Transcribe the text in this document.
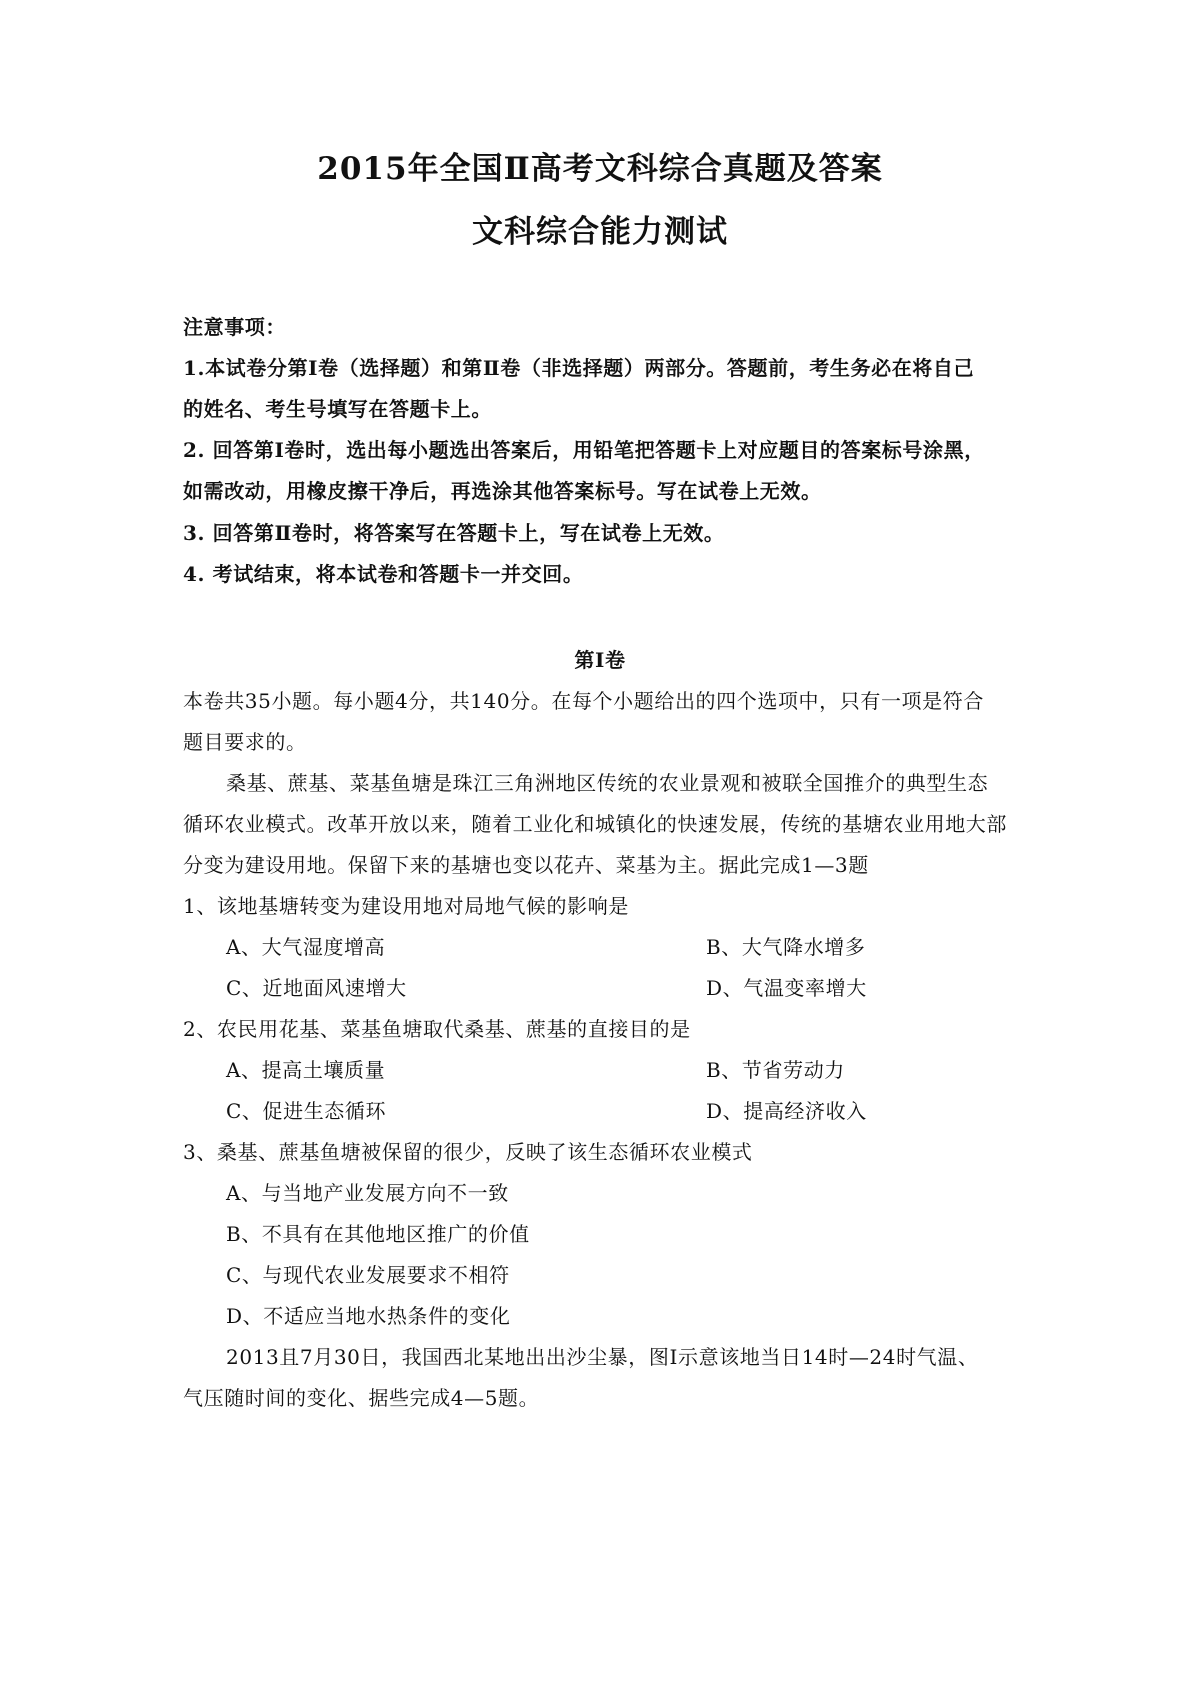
2015年全国Ⅱ高考文科综合真题及答案
文科综合能力测试
注意事项：
1.本试卷分第Ⅰ卷（选择题）和第Ⅱ卷（非选择题）两部分。答题前，考生务必在将自己
的姓名、考生号填写在答题卡上。
2. 回答第Ⅰ卷时，选出每小题选出答案后，用铅笔把答题卡上对应题目的答案标号涂黑，
如需改动，用橡皮擦干净后，再选涂其他答案标号。写在试卷上无效。
3. 回答第Ⅱ卷时，将答案写在答题卡上，写在试卷上无效。
4. 考试结束，将本试卷和答题卡一并交回。
第Ⅰ卷
本卷共35小题。每小题4分，共140分。在每个小题给出的四个选项中，只有一项是符合
题目要求的。
桑基、蔗基、菜基鱼塘是珠江三角洲地区传统的农业景观和被联全国推介的典型生态
循环农业模式。改革开放以来，随着工业化和城镇化的快速发展，传统的基塘农业用地大部
分变为建设用地。保留下来的基塘也变以花卉、菜基为主。据此完成1—3题
1、该地基塘转变为建设用地对局地气候的影响是
A、大气湿度增高	B、大气降水增多
C、近地面风速增大	D、气温变率增大
2、农民用花基、菜基鱼塘取代桑基、蔗基的直接目的是
A、提高土壤质量	B、节省劳动力
C、促进生态循环	D、提高经济收入
3、桑基、蔗基鱼塘被保留的很少，反映了该生态循环农业模式
A、与当地产业发展方向不一致
B、不具有在其他地区推广的价值
C、与现代农业发展要求不相符
D、不适应当地水热条件的变化
2013且7月30日，我国西北某地出出沙尘暴，图Ⅰ示意该地当日14时—24时气温、
气压随时间的变化、据些完成4—5题。
